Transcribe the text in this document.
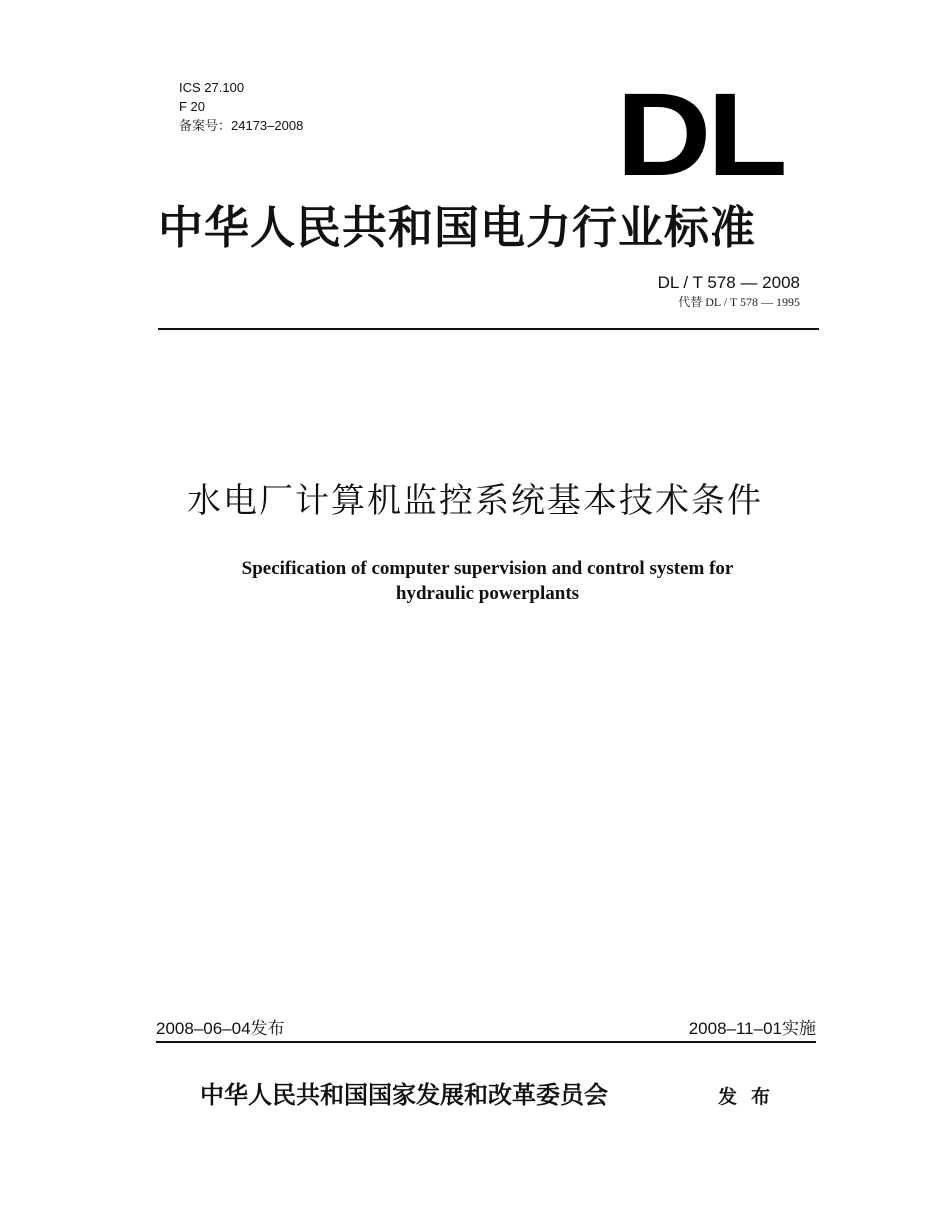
ICS 27.100
F 20
备案号：24173–2008	DL
中华人民共和国电力行业标准
DL / T 578 — 2008
代替 DL / T 578 — 1995
水电厂计算机监控系统基本技术条件
Specification of computer supervision and control system for
hydraulic powerplants
2008–06–04发布	2008–11–01实施
中华人民共和国国家发展和改革委员会	发布
